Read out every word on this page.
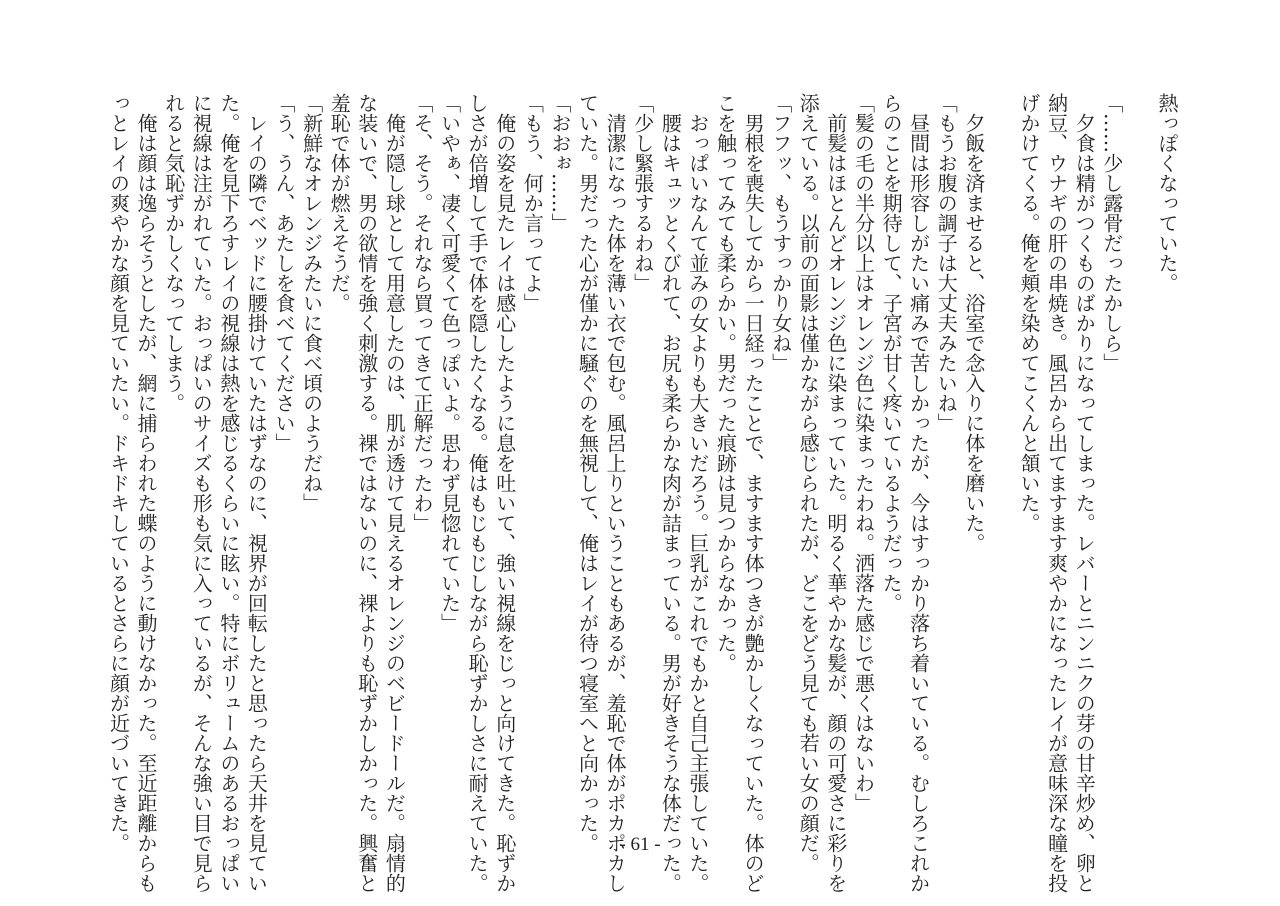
熱っぽくなっていた。

「……少し露骨だったかしら」
　夕食は精がつくものばかりになってしまった。レバーとニンニクの芽の甘辛炒め、卵と
納豆、ウナギの肝の串焼き。風呂から出てますます爽やかになったレイが意味深な瞳を投
げかけてくる。俺を頬を染めてこくんと頷いた。

　夕飯を済ませると、浴室で念入りに体を磨いた。
「もうお腹の調子は大丈夫みたいね」
　昼間は形容しがたい痛みで苦しかったが、今はすっかり落ち着いている。むしろこれか
らのことを期待して、子宮が甘く疼いているようだった。
「髪の毛の半分以上はオレンジ色に染まったわね。洒落た感じで悪くはないわ」
　前髪はほとんどオレンジ色に染まっていた。明るく華やかな髪が、顔の可愛さに彩りを
添えている。以前の面影は僅かながら感じられたが、どこをどう見ても若い女の顔だ。
「フフッ、もうすっかり女ね」
　男根を喪失してから一日経ったことで、ますます体つきが艶かしくなっていた。体のど
こを触ってみても柔らかい。男だった痕跡は見つからなかった。
　おっぱいなんて並みの女よりも大きいだろう。巨乳がこれでもかと自己主張していた。
　腰はキュッとくびれて、お尻も柔らかな肉が詰まっている。男が好きそうな体だった。
「少し緊張するわね」
　清潔になった体を薄い衣で包む。風呂上りということもあるが、羞恥で体がポカポカし
ていた。男だった心が僅かに騒ぐのを無視して、俺はレイが待つ寝室へと向かった。
「おおぉ……」
「もう、何か言ってよ」
　俺の姿を見たレイは感心したように息を吐いて、強い視線をじっと向けてきた。恥ずか
しさが倍増して手で体を隠したくなる。俺はもじもじしながら恥ずかしさに耐えていた。
「いやぁ、凄く可愛くて色っぽいよ。思わず見惚れていた」
「そ、そう。それなら買ってきて正解だったわ」
　俺が隠し球として用意したのは、肌が透けて見えるオレンジのベビードールだ。扇情的
な装いで、男の欲情を強く刺激する。裸ではないのに、裸よりも恥ずかしかった。興奮と
羞恥で体が燃えそうだ。
「新鮮なオレンジみたいに食べ頃のようだね」
「う、うん、あたしを食べてください」
　レイの隣でベッドに腰掛けていたはずなのに、視界が回転したと思ったら天井を見てい
た。俺を見下ろすレイの視線は熱を感じるくらいに眩い。特にボリュームのあるおっぱい
に視線は注がれていた。おっぱいのサイズも形も気に入っているが、そんな強い目で見ら
れると気恥ずかしくなってしまう。
　俺は顔は逸らそうとしたが、網に捕らわれた蝶のように動けなかった。至近距離からも
っとレイの爽やかな顔を見ていたい。ドキドキしているとさらに顔が近づいてきた。	- 61 -
